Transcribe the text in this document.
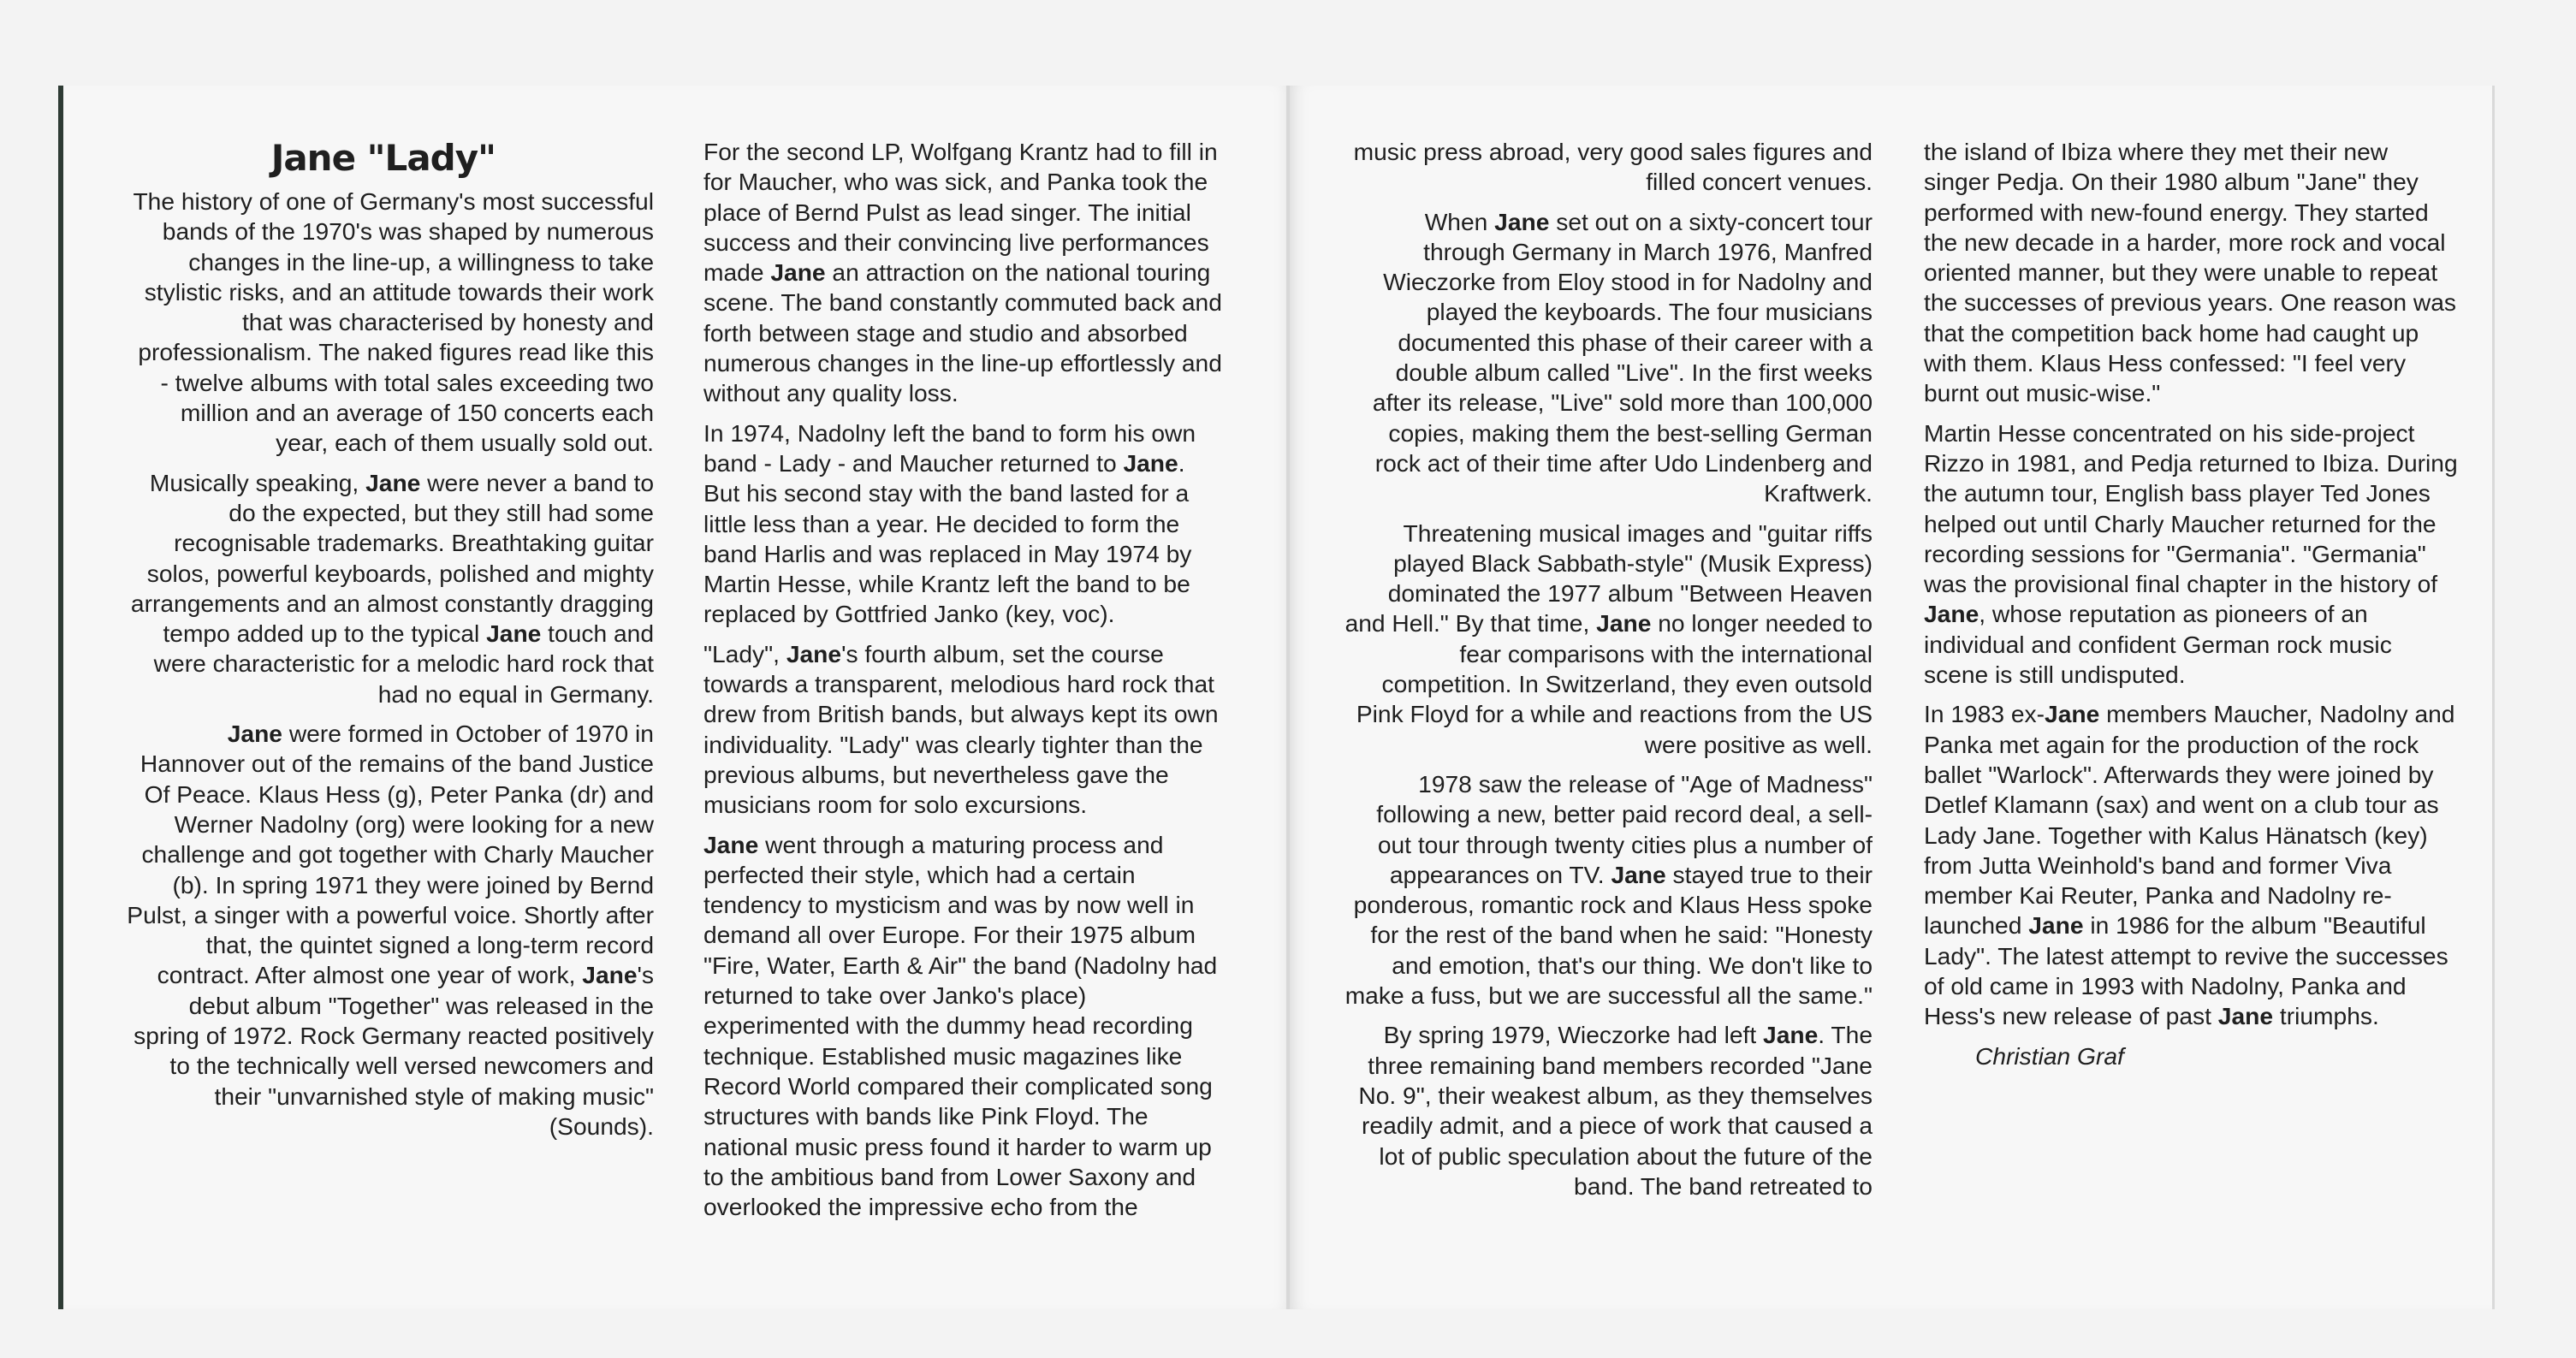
Jane "Lady"

The history of one of Germany's most successful bands of the 1970's was shaped by numerous changes in the line-up, a willingness to take stylistic risks, and an attitude towards their work that was characterised by honesty and professionalism. The naked figures read like this - twelve albums with total sales exceeding two million and an average of 150 concerts each year, each of them usually sold out.

Musically speaking, Jane were never a band to do the expected, but they still had some recognisable trademarks. Breathtaking guitar solos, powerful keyboards, polished and mighty arrangements and an almost constantly dragging tempo added up to the typical Jane touch and were characteristic for a melodic hard rock that had no equal in Germany.

Jane were formed in October of 1970 in Hannover out of the remains of the band Justice Of Peace. Klaus Hess (g), Peter Panka (dr) and Werner Nadolny (org) were looking for a new challenge and got together with Charly Maucher (b). In spring 1971 they were joined by Bernd Pulst, a singer with a powerful voice. Shortly after that, the quintet signed a long-term record contract. After almost one year of work, Jane's debut album "Together" was released in the spring of 1972. Rock Germany reacted positively to the technically well versed newcomers and their "unvarnished style of making music" (Sounds).

For the second LP, Wolfgang Krantz had to fill in for Maucher, who was sick, and Panka took the place of Bernd Pulst as lead singer. The initial success and their convincing live performances made Jane an attraction on the national touring scene. The band constantly commuted back and forth between stage and studio and absorbed numerous changes in the line-up effortlessly and without any quality loss.

In 1974, Nadolny left the band to form his own band - Lady - and Maucher returned to Jane. But his second stay with the band lasted for a little less than a year. He decided to form the band Harlis and was replaced in May 1974 by Martin Hesse, while Krantz left the band to be replaced by Gottfried Janko (key, voc).

"Lady", Jane's fourth album, set the course towards a transparent, melodious hard rock that drew from British bands, but always kept its own individuality. "Lady" was clearly tighter than the previous albums, but nevertheless gave the musicians room for solo excursions.

Jane went through a maturing process and perfected their style, which had a certain tendency to mysticism and was by now well in demand all over Europe. For their 1975 album "Fire, Water, Earth & Air" the band (Nadolny had returned to take over Janko's place) experimented with the dummy head recording technique. Established music magazines like Record World compared their complicated song structures with bands like Pink Floyd. The national music press found it harder to warm up to the ambitious band from Lower Saxony and overlooked the impressive echo from the

music press abroad, very good sales figures and filled concert venues.

When Jane set out on a sixty-concert tour through Germany in March 1976, Manfred Wieczorke from Eloy stood in for Nadolny and played the keyboards. The four musicians documented this phase of their career with a double album called "Live". In the first weeks after its release, "Live" sold more than 100,000 copies, making them the best-selling German rock act of their time after Udo Lindenberg and Kraftwerk.

Threatening musical images and "guitar riffs played Black Sabbath-style" (Musik Express) dominated the 1977 album "Between Heaven and Hell." By that time, Jane no longer needed to fear comparisons with the international competition. In Switzerland, they even outsold Pink Floyd for a while and reactions from the US were positive as well.

1978 saw the release of "Age of Madness" following a new, better paid record deal, a sell-out tour through twenty cities plus a number of appearances on TV. Jane stayed true to their ponderous, romantic rock and Klaus Hess spoke for the rest of the band when he said: "Honesty and emotion, that's our thing. We don't like to make a fuss, but we are successful all the same."

By spring 1979, Wieczorke had left Jane. The three remaining band members recorded "Jane No. 9", their weakest album, as they themselves readily admit, and a piece of work that caused a lot of public speculation about the future of the band. The band retreated to

the island of Ibiza where they met their new singer Pedja. On their 1980 album "Jane" they performed with new-found energy. They started the new decade in a harder, more rock and vocal oriented manner, but they were unable to repeat the successes of previous years. One reason was that the competition back home had caught up with them. Klaus Hess confessed: "I feel very burnt out music-wise."

Martin Hesse concentrated on his side-project Rizzo in 1981, and Pedja returned to Ibiza. During the autumn tour, English bass player Ted Jones helped out until Charly Maucher returned for the recording sessions for "Germania". "Germania" was the provisional final chapter in the history of Jane, whose reputation as pioneers of an individual and confident German rock music scene is still undisputed.

In 1983 ex-Jane members Maucher, Nadolny and Panka met again for the production of the rock ballet "Warlock". Afterwards they were joined by Detlef Klamann (sax) and went on a club tour as Lady Jane. Together with Kalus Hänatsch (key) from Jutta Weinhold's band and former Viva member Kai Reuter, Panka and Nadolny re-launched Jane in 1986 for the album "Beautiful Lady". The latest attempt to revive the successes of old came in 1993 with Nadolny, Panka and Hess's new release of past Jane triumphs.

Christian Graf
